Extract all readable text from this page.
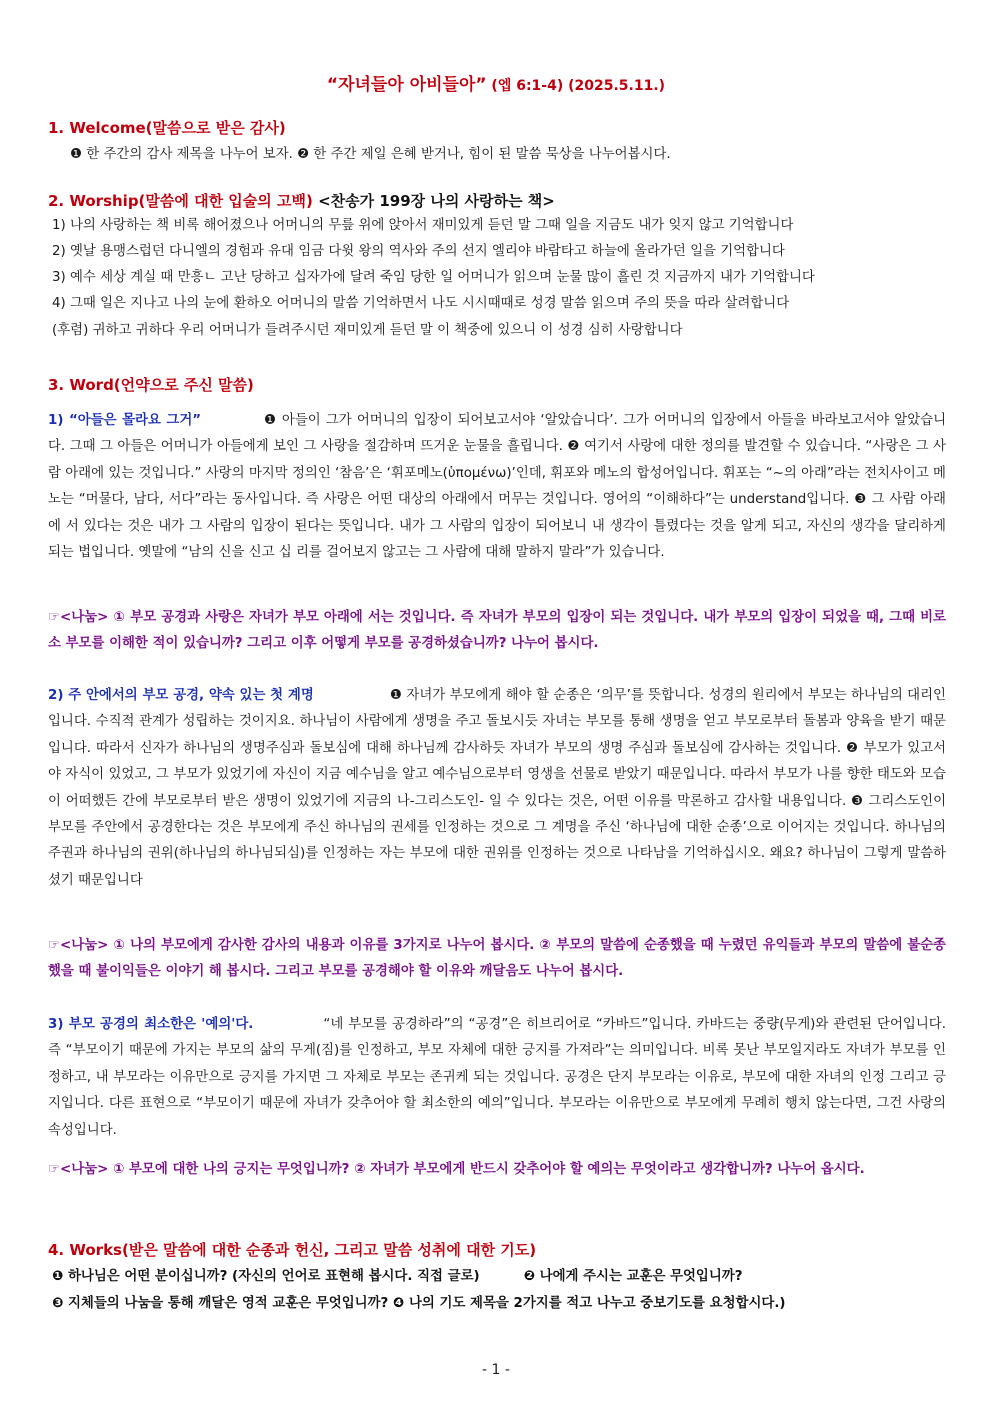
“자녀들아 아비들아” (엡 6:1-4) (2025.5.11.)
1. Welcome(말씀으로 받은 감사)
❶ 한 주간의 감사 제목을 나누어 보자. ❷ 한 주간 제일 은혜 받거나, 힘이 된 말씀 묵상을 나누어봅시다.
2. Worship(말씀에 대한 입술의 고백) <찬송가 199장 나의 사랑하는 책>
1) 나의 사랑하는 책 비록 해어졌으나 어머니의 무릎 위에 앉아서 재미있게 듣던 말 그때 일을 지금도 내가 잊지 않고 기억합니다
2) 옛날 용맹스럽던 다니엘의 경험과 유대 임금 다윗 왕의 역사와 주의 선지 엘리야 바람타고 하늘에 올라가던 일을 기억합니다
3) 예수 세상 계실 때 만흥ㄴ 고난 당하고 십자가에 달려 죽임 당한 일 어머니가 읽으며 눈물 많이 흘린 것 지금까지 내가 기억합니다
4) 그때 일은 지나고 나의 눈에 환하오 어머니의 말씀 기억하면서 나도 시시때때로 성경 말씀 읽으며 주의 뜻을 따라 살려합니다
(후렴) 귀하고 귀하다 우리 어머니가 들려주시던 재미있게 듣던 말 이 책중에 있으니 이 성경 심히 사랑합니다
3. Word(언약으로 주신 말씀)
1) “아들은 몰라요 그거”	❶ 아들이 그가 어머니의 입장이 되어보고서야 ‘알았습니다’. 그가 어머니의 입장에서 아들을 바라보고서야 알았습니다. 그때 그 아들은 어머니가 아들에게 보인 그 사랑을 절감하며 뜨거운 눈물을 흘립니다. ❷ 여기서 사랑에 대한 정의를 발견할 수 있습니다. “사랑은 그 사람 아래에 있는 것입니다.” 사랑의 마지막 정의인 ‘참음’은 ‘휘포메노(ὑπομένω)’인데, 휘포와 메노의 합성어입니다. 휘포는 “~의 아래”라는 전치사이고 메노는 “머물다, 남다, 서다”라는 동사입니다. 즉 사랑은 어떤 대상의 아래에서 머무는 것입니다. 영어의 “이해하다”는 understand입니다. ❸ 그 사람 아래에 서 있다는 것은 내가 그 사람의 입장이 된다는 뜻입니다. 내가 그 사람의 입장이 되어보니 내 생각이 틀렸다는 것을 알게 되고, 자신의 생각을 달리하게 되는 법입니다. 옛말에 “남의 신을 신고 십 리를 걸어보지 않고는 그 사람에 대해 말하지 말라”가 있습니다.
☞<나눔> ① 부모 공경과 사랑은 자녀가 부모 아래에 서는 것입니다. 즉 자녀가 부모의 입장이 되는 것입니다. 내가 부모의 입장이 되었을 때, 그때 비로소 부모를 이해한 적이 있습니까? 그리고 이후 어떻게 부모를 공경하셨습니까? 나누어 봅시다.
2) 주 안에서의 부모 공경, 약속 있는 첫 계명	❶ 자녀가 부모에게 해야 할 순종은 ‘의무’를 뜻합니다. 성경의 원리에서 부모는 하나님의 대리인입니다. 수직적 관계가 성립하는 것이지요. 하나님이 사람에게 생명을 주고 돌보시듯 자녀는 부모를 통해 생명을 얻고 부모로부터 돌봄과 양육을 받기 때문입니다. 따라서 신자가 하나님의 생명주심과 돌보심에 대해 하나님께 감사하듯 자녀가 부모의 생명 주심과 돌보심에 감사하는 것입니다. ❷ 부모가 있고서야 자식이 있었고, 그 부모가 있었기에 자신이 지금 예수님을 알고 예수님으로부터 영생을 선물로 받았기 때문입니다. 따라서 부모가 나를 향한 태도와 모습이 어떠했든 간에 부모로부터 받은 생명이 있었기에 지금의 나-그리스도인- 일 수 있다는 것은, 어떤 이유를 막론하고 감사할 내용입니다. ❸ 그리스도인이 부모를 주안에서 공경한다는 것은 부모에게 주신 하나님의 권세를 인정하는 것으로 그 계명을 주신 ‘하나님에 대한 순종’으로 이어지는 것입니다. 하나님의 주권과 하나님의 권위(하나님의 하나님되심)를 인정하는 자는 부모에 대한 권위를 인정하는 것으로 나타남을 기억하십시오. 왜요? 하나님이 그렇게 말씀하셨기 때문입니다
☞<나눔> ① 나의 부모에게 감사한 감사의 내용과 이유를 3가지로 나누어 봅시다. ② 부모의 말씀에 순종했을 때 누렸던 유익들과 부모의 말씀에 불순종했을 때 불이익들은 이야기 해 봅시다. 그리고 부모를 공경해야 할 이유와 깨달음도 나누어 봅시다.
3) 부모 공경의 최소한은 '예의'다.	“네 부모를 공경하라”의 “공경”은 히브리어로 “카바드”입니다. 카바드는 중량(무게)와 관련된 단어입니다. 즉 “부모이기 때문에 가지는 부모의 삶의 무게(짐)를 인정하고, 부모 자체에 대한 긍지를 가져라”는 의미입니다. 비록 못난 부모일지라도 자녀가 부모를 인정하고, 내 부모라는 이유만으로 긍지를 가지면 그 자체로 부모는 존귀케 되는 것입니다. 공경은 단지 부모라는 이유로, 부모에 대한 자녀의 인정 그리고 긍지입니다. 다른 표현으로 “부모이기 때문에 자녀가 갖추어야 할 최소한의 예의”입니다. 부모라는 이유만으로 부모에게 무례히 행치 않는다면, 그건 사랑의 속성입니다.
☞<나눔> ① 부모에 대한 나의 긍지는 무엇입니까? ② 자녀가 부모에게 반드시 갖추어야 할 예의는 무엇이라고 생각합니까? 나누어 옵시다.
4. Works(받은 말씀에 대한 순종과 헌신, 그리고 말씀 성취에 대한 기도)
❶ 하나님은 어떤 분이십니까? (자신의 언어로 표현해 봅시다. 직접 글로)	❷ 나에게 주시는 교훈은 무엇입니까?
❸ 지체들의 나눔을 통해 깨달은 영적 교훈은 무엇입니까? ❹ 나의 기도 제목을 2가지를 적고 나누고 중보기도를 요청합시다.)
- 1 -
